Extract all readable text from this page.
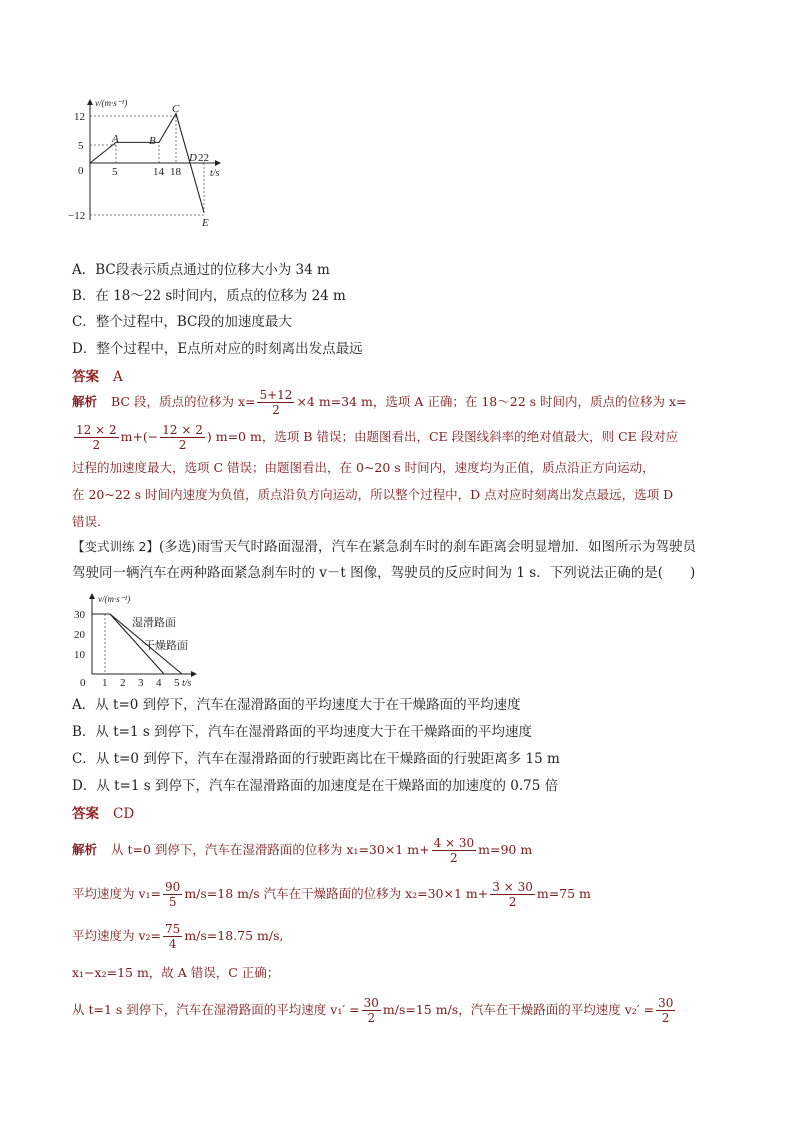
v/(m·s⁻¹)
t/s
12
5
0
−12
5	14 18
22
A	B
C
D
E
A．BC段表示质点通过的位移大小为 34 m
B．在 18～22 s时间内，质点的位移为 24 m
C．整个过程中，BC段的加速度最大
D．整个过程中，E点所对应的时刻离出发点最远
答案 A
解析 BC 段，质点的位移为 $x= \frac{5+12}{2} \times 4$ m=34 m，选项 A 正确；在 18～22 s 时间内，质点的位移为 x=
$\frac{12 \times 2}{2} m+(- \frac{12 \times 2}{2}$ ) m=0 m，选项 B 错误；由题图看出，CE 段图线斜率的绝对值最大，则 CE 段对应
过程的加速度最大，选项 C 错误；由题图看出，在 0~20 s 时间内，速度均为正值，质点沿正方向运动，
在 20~22 s 时间内速度为负值，质点沿负方向运动，所以整个过程中，D 点对应时刻离出发点最远，选项 D
错误．
【变式训练 2】(多选)雨雪天气时路面湿滑，汽车在紧急刹车时的刹车距离会明显增加．如图所示为驾驶员
驾驶同一辆汽车在两种路面紧急刹车时的 v－t 图像，驾驶员的反应时间为 1 s．下列说法正确的是(　　)
v/(m·s⁻¹)
t/s
湿滑路面
干燥路面
30
20
10
0 1 2 3 4 5
A．从 t=0 到停下，汽车在湿滑路面的平均速度大于在干燥路面的平均速度
B．从 t=1 s 到停下，汽车在湿滑路面的平均速度大于在干燥路面的平均速度
C．从 t=0 到停下，汽车在湿滑路面的行驶距离比在干燥路面的行驶距离多 15 m
D．从 t=1 s 到停下，汽车在湿滑路面的加速度是在干燥路面的加速度的 0.75 倍
答案 CD
解析 从 t=0 到停下，汽车在湿滑路面的位移为 x₁=30×1 $m+ \frac{4 \times 30}{2} m=90$ m
平均速度为 $v_1= \frac{90}{5} m/s=18$ m/s 汽车在干燥路面的位移为 x₂=30×1 $m+ \frac{3 \times 30}{2} m=75$ m
平均速度为 $v_2= \frac{75}{4} m/s=18.75$ m/s,
x₁−x₂=15 m，故 A 错误，C 正确；
从 t=1 s 到停下，汽车在湿滑路面的平均速度 $v_1' = \frac{30}{2} m/s=15$ m/s，汽车在干燥路面的平均速度 $v_2' = \frac{30}{2}$
